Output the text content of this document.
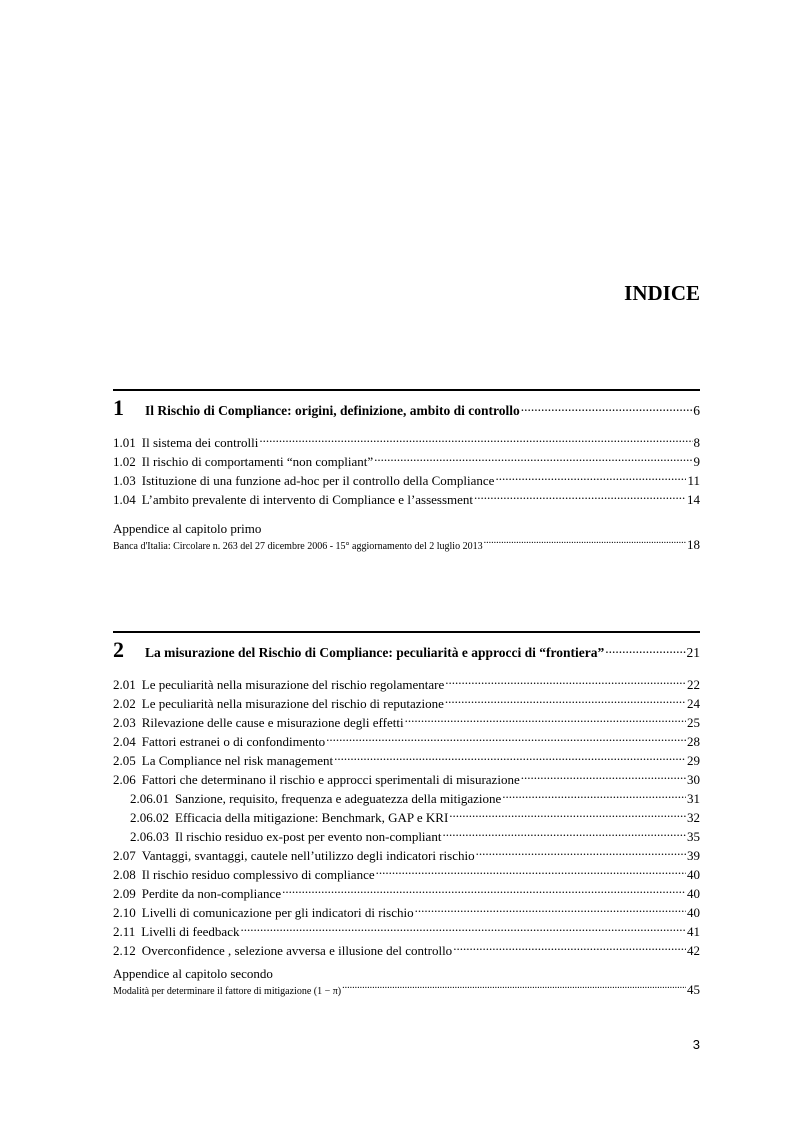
INDICE
1	Il Rischio di Compliance: origini, definizione, ambito di controllo .....	6
1.01 Il sistema dei controlli .....	8
1.02 Il rischio di comportamenti “non compliant” .....	9
1.03 Istituzione di una funzione ad-hoc per il controllo della Compliance .....	11
1.04 L’ambito prevalente di intervento di Compliance e l’assessment .....	14
Appendice al capitolo primo
Banca d'Italia: Circolare n. 263 del 27 dicembre 2006 - 15° aggiornamento del 2 luglio 2013 .....	18
2	La misurazione del Rischio di Compliance: peculiarità e approcci di “frontiera” .....	21
2.01 Le peculiarità nella misurazione del rischio regolamentare .....	22
2.02 Le peculiarità nella misurazione del rischio di reputazione .....	24
2.03 Rilevazione delle cause e misurazione degli effetti .....	25
2.04 Fattori estranei o di confondimento .....	28
2.05 La Compliance nel risk management .....	29
2.06 Fattori che determinano il rischio e approcci sperimentali di misurazione .....	30
2.06.01 Sanzione, requisito, frequenza e adeguatezza della mitigazione .....	31
2.06.02 Efficacia della mitigazione: Benchmark, GAP e KRI .....	32
2.06.03 Il rischio residuo ex-post per evento non-compliant .....	35
2.07 Vantaggi, svantaggi, cautele nell’utilizzo degli indicatori rischio .....	39
2.08 Il rischio residuo complessivo di compliance .....	40
2.09 Perdite da non-compliance .....	40
2.10 Livelli di comunicazione per gli indicatori di rischio .....	40
2.11 Livelli di feedback .....	41
2.12 Overconfidence , selezione avversa e illusione del controllo .....	42
Appendice al capitolo secondo
Modalità per determinare il fattore di mitigazione (1 − π) .....	45
3
